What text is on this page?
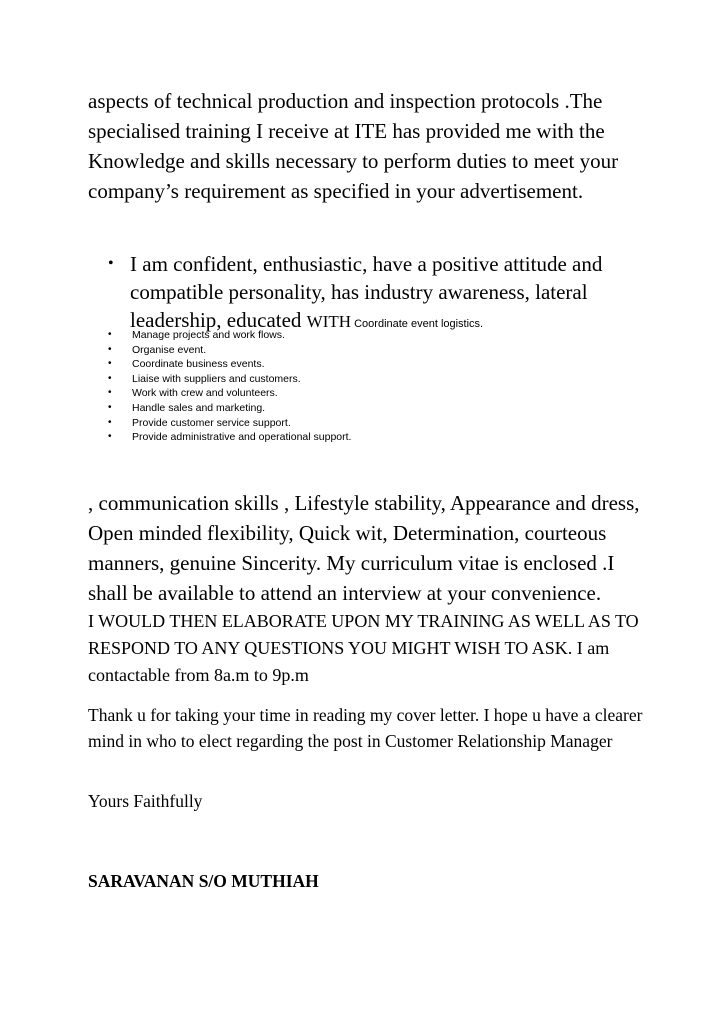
aspects of technical production and inspection protocols .The specialised training I receive at ITE has provided me with the Knowledge and skills necessary to perform duties to meet your company’s requirement as specified in your advertisement.

• I am confident, enthusiastic, have a positive attitude and compatible personality, has industry awareness, lateral leadership, educated WITH Coordinate event logistics.

• Manage projects and work flows.
• Organise event.
• Coordinate business events.
• Liaise with suppliers and customers.
• Work with crew and volunteers.
• Handle sales and marketing.
• Provide customer service support.
• Provide administrative and operational support.

, communication skills , Lifestyle stability, Appearance and dress, Open minded flexibility, Quick wit, Determination, courteous manners, genuine Sincerity. My curriculum vitae is enclosed .I shall be available to attend an interview at your convenience.

I WOULD THEN ELABORATE UPON MY TRAINING AS WELL AS TO RESPOND TO ANY QUESTIONS YOU MIGHT WISH TO ASK. I am contactable from 8a.m to 9p.m

Thank u for taking your time in reading my cover letter. I hope u have a clearer mind in who to elect regarding the post in Customer Relationship Manager

Yours Faithfully

SARAVANAN S/O MUTHIAH
